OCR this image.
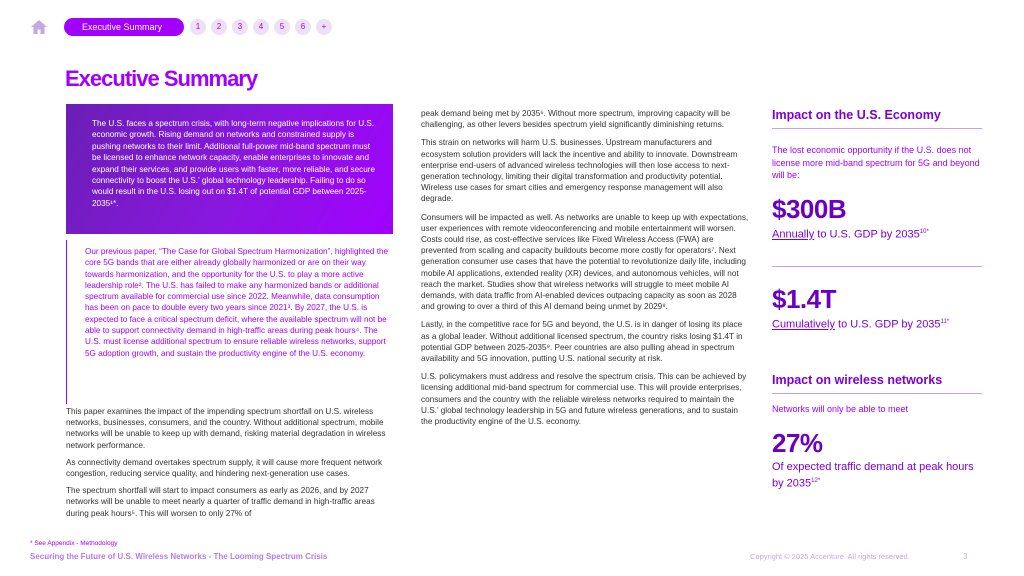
Executive Summary	1	2	3	4	5	6	+
Executive Summary
The U.S. faces a spectrum crisis, with long-term negative implications for U.S. economic growth. Rising demand on networks and constrained supply is pushing networks to their limit. Additional full-power mid-band spectrum must be licensed to enhance network capacity, enable enterprises to innovate and expand their services, and provide users with faster, more reliable, and secure connectivity to boost the U.S.’ global technology leadership. Failing to do so would result in the U.S. losing out on $1.4T of potential GDP between 2025-2035¹*.
Our previous paper, “The Case for Global Spectrum Harmonization”, highlighted the core 5G bands that are either already globally harmonized or are on their way towards harmonization, and the opportunity for the U.S. to play a more active leadership role². The U.S. has failed to make any harmonized bands or additional spectrum available for commercial use since 2022. Meanwhile, data consumption has been on pace to double every two years since 2021³. By 2027, the U.S. is expected to face a critical spectrum deficit, where the available spectrum will not be able to support connectivity demand in high-traffic areas during peak hours⁴. The U.S. must license additional spectrum to ensure reliable wireless networks, support 5G adoption growth, and sustain the productivity engine of the U.S. economy.

This paper examines the impact of the impending spectrum shortfall on U.S. wireless networks, businesses, consumers, and the country. Without additional spectrum, mobile networks will be unable to keep up with demand, risking material degradation in wireless network performance.

As connectivity demand overtakes spectrum supply, it will cause more frequent network congestion, reducing service quality, and hindering next-generation use cases.

The spectrum shortfall will start to impact consumers as early as 2026, and by 2027 networks will be unable to meet nearly a quarter of traffic demand in high-traffic areas during peak hours⁵. This will worsen to only 27% of

peak demand being met by 2035⁶. Without more spectrum, improving capacity will be challenging, as other levers besides spectrum yield significantly diminishing returns.

This strain on networks will harm U.S. businesses. Upstream manufacturers and ecosystem solution providers will lack the incentive and ability to innovate. Downstream enterprise end-users of advanced wireless technologies will then lose access to next-generation technology, limiting their digital transformation and productivity potential. Wireless use cases for smart cities and emergency response management will also degrade.

Consumers will be impacted as well. As networks are unable to keep up with expectations, user experiences with remote videoconferencing and mobile entertainment will worsen. Costs could rise, as cost-effective services like Fixed Wireless Access (FWA) are prevented from scaling and capacity buildouts become more costly for operators⁷. Next generation consumer use cases that have the potential to revolutionize daily life, including mobile AI applications, extended reality (XR) devices, and autonomous vehicles, will not reach the market. Studies show that wireless networks will struggle to meet mobile AI demands, with data traffic from AI-enabled devices outpacing capacity as soon as 2028 and growing to over a third of this AI demand being unmet by 2029⁸.

Lastly, in the competitive race for 5G and beyond, the U.S. is in danger of losing its place as a global leader. Without additional licensed spectrum, the country risks losing $1.4T in potential GDP between 2025-2035⁹. Peer countries are also pulling ahead in spectrum availability and 5G innovation, putting U.S. national security at risk.

U.S. policymakers must address and resolve the spectrum crisis. This can be achieved by licensing additional mid-band spectrum for commercial use. This will provide enterprises, consumers and the country with the reliable wireless networks required to maintain the U.S.’ global technology leadership in 5G and future wireless generations, and to sustain the productivity engine of the U.S. economy.

Impact on the U.S. Economy
The lost economic opportunity if the U.S. does not license more mid-band spectrum for 5G and beyond will be:
$300B
Annually to U.S. GDP by $2035^{10*}$
$1.4T
Cumulatively to U.S. GDP by $2035^{11*}$
Impact on wireless networks
Networks will only be able to meet
27%
Of expected traffic demand at peak hours by $2035^{12*}$
* See Appendix - Methodology
Securing the Future of U.S. Wireless Networks - The Looming Spectrum Crisis	Copyright © 2025 Accenture. All rights reserved.	3
